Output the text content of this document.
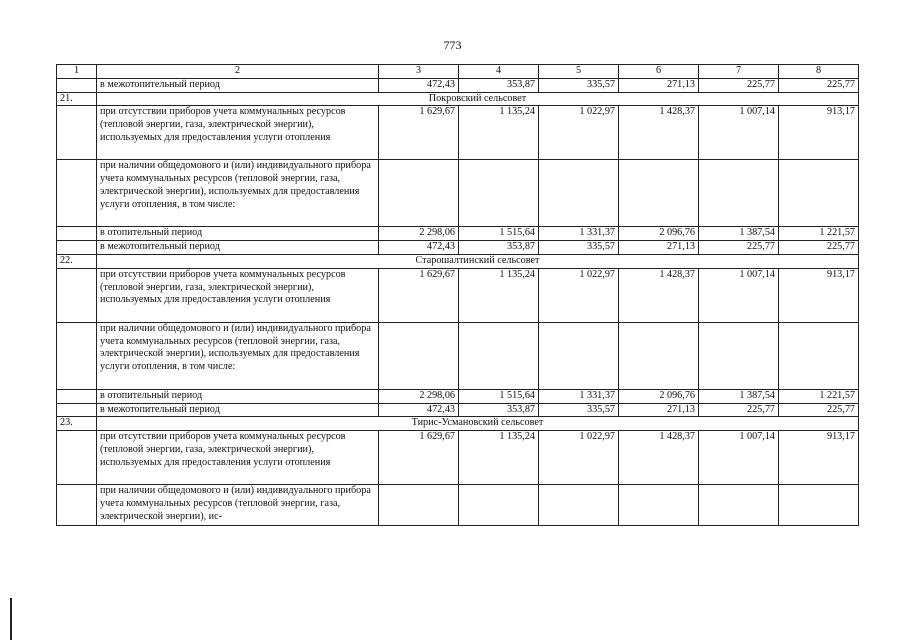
773
1	2	3	4	5	6	7	8
	в межотопительный период	472,43	353,87	335,57	271,13	225,77	225,77
21.	Покровский сельсовет						
	при отсутствии приборов учета коммунальных ресурсов (тепловой энергии, газа, электрической энергии), используемых для предоставления услуги отопления	1 629,67	1 135,24	1 022,97	1 428,37	1 007,14	913,17
	при наличии общедомового и (или) индивидуального прибора учета коммунальных ресурсов (тепловой энергии, газа, электрической энергии), используемых для предоставления услуги отопления, в том числе:						
	в отопительный период	2 298,06	1 515,64	1 331,37	2 096,76	1 387,54	1 221,57
	в межотопительный период	472,43	353,87	335,57	271,13	225,77	225,77
22.	Старошалтинский сельсовет						
	при отсутствии приборов учета коммунальных ресурсов (тепловой энергии, газа, электрической энергии), используемых для предоставления услуги отопления	1 629,67	1 135,24	1 022,97	1 428,37	1 007,14	913,17
	при наличии общедомового и (или) индивидуального прибора учета коммунальных ресурсов (тепловой энергии, газа, электрической энергии), используемых для предоставления услуги отопления, в том числе:						
	в отопительный период	2 298,06	1 515,64	1 331,37	2 096,76	1 387,54	1 221,57
	в межотопительный период	472,43	353,87	335,57	271,13	225,77	225,77
23.	Тирис-Усмановский сельсовет						
	при отсутствии приборов учета коммунальных ресурсов (тепловой энергии, газа, электрической энергии), используемых для предоставления услуги отопления	1 629,67	1 135,24	1 022,97	1 428,37	1 007,14	913,17
	при наличии общедомового и (или) индивидуального прибора учета коммунальных ресурсов (тепловой энергии, газа, электрической энергии), ис-						
